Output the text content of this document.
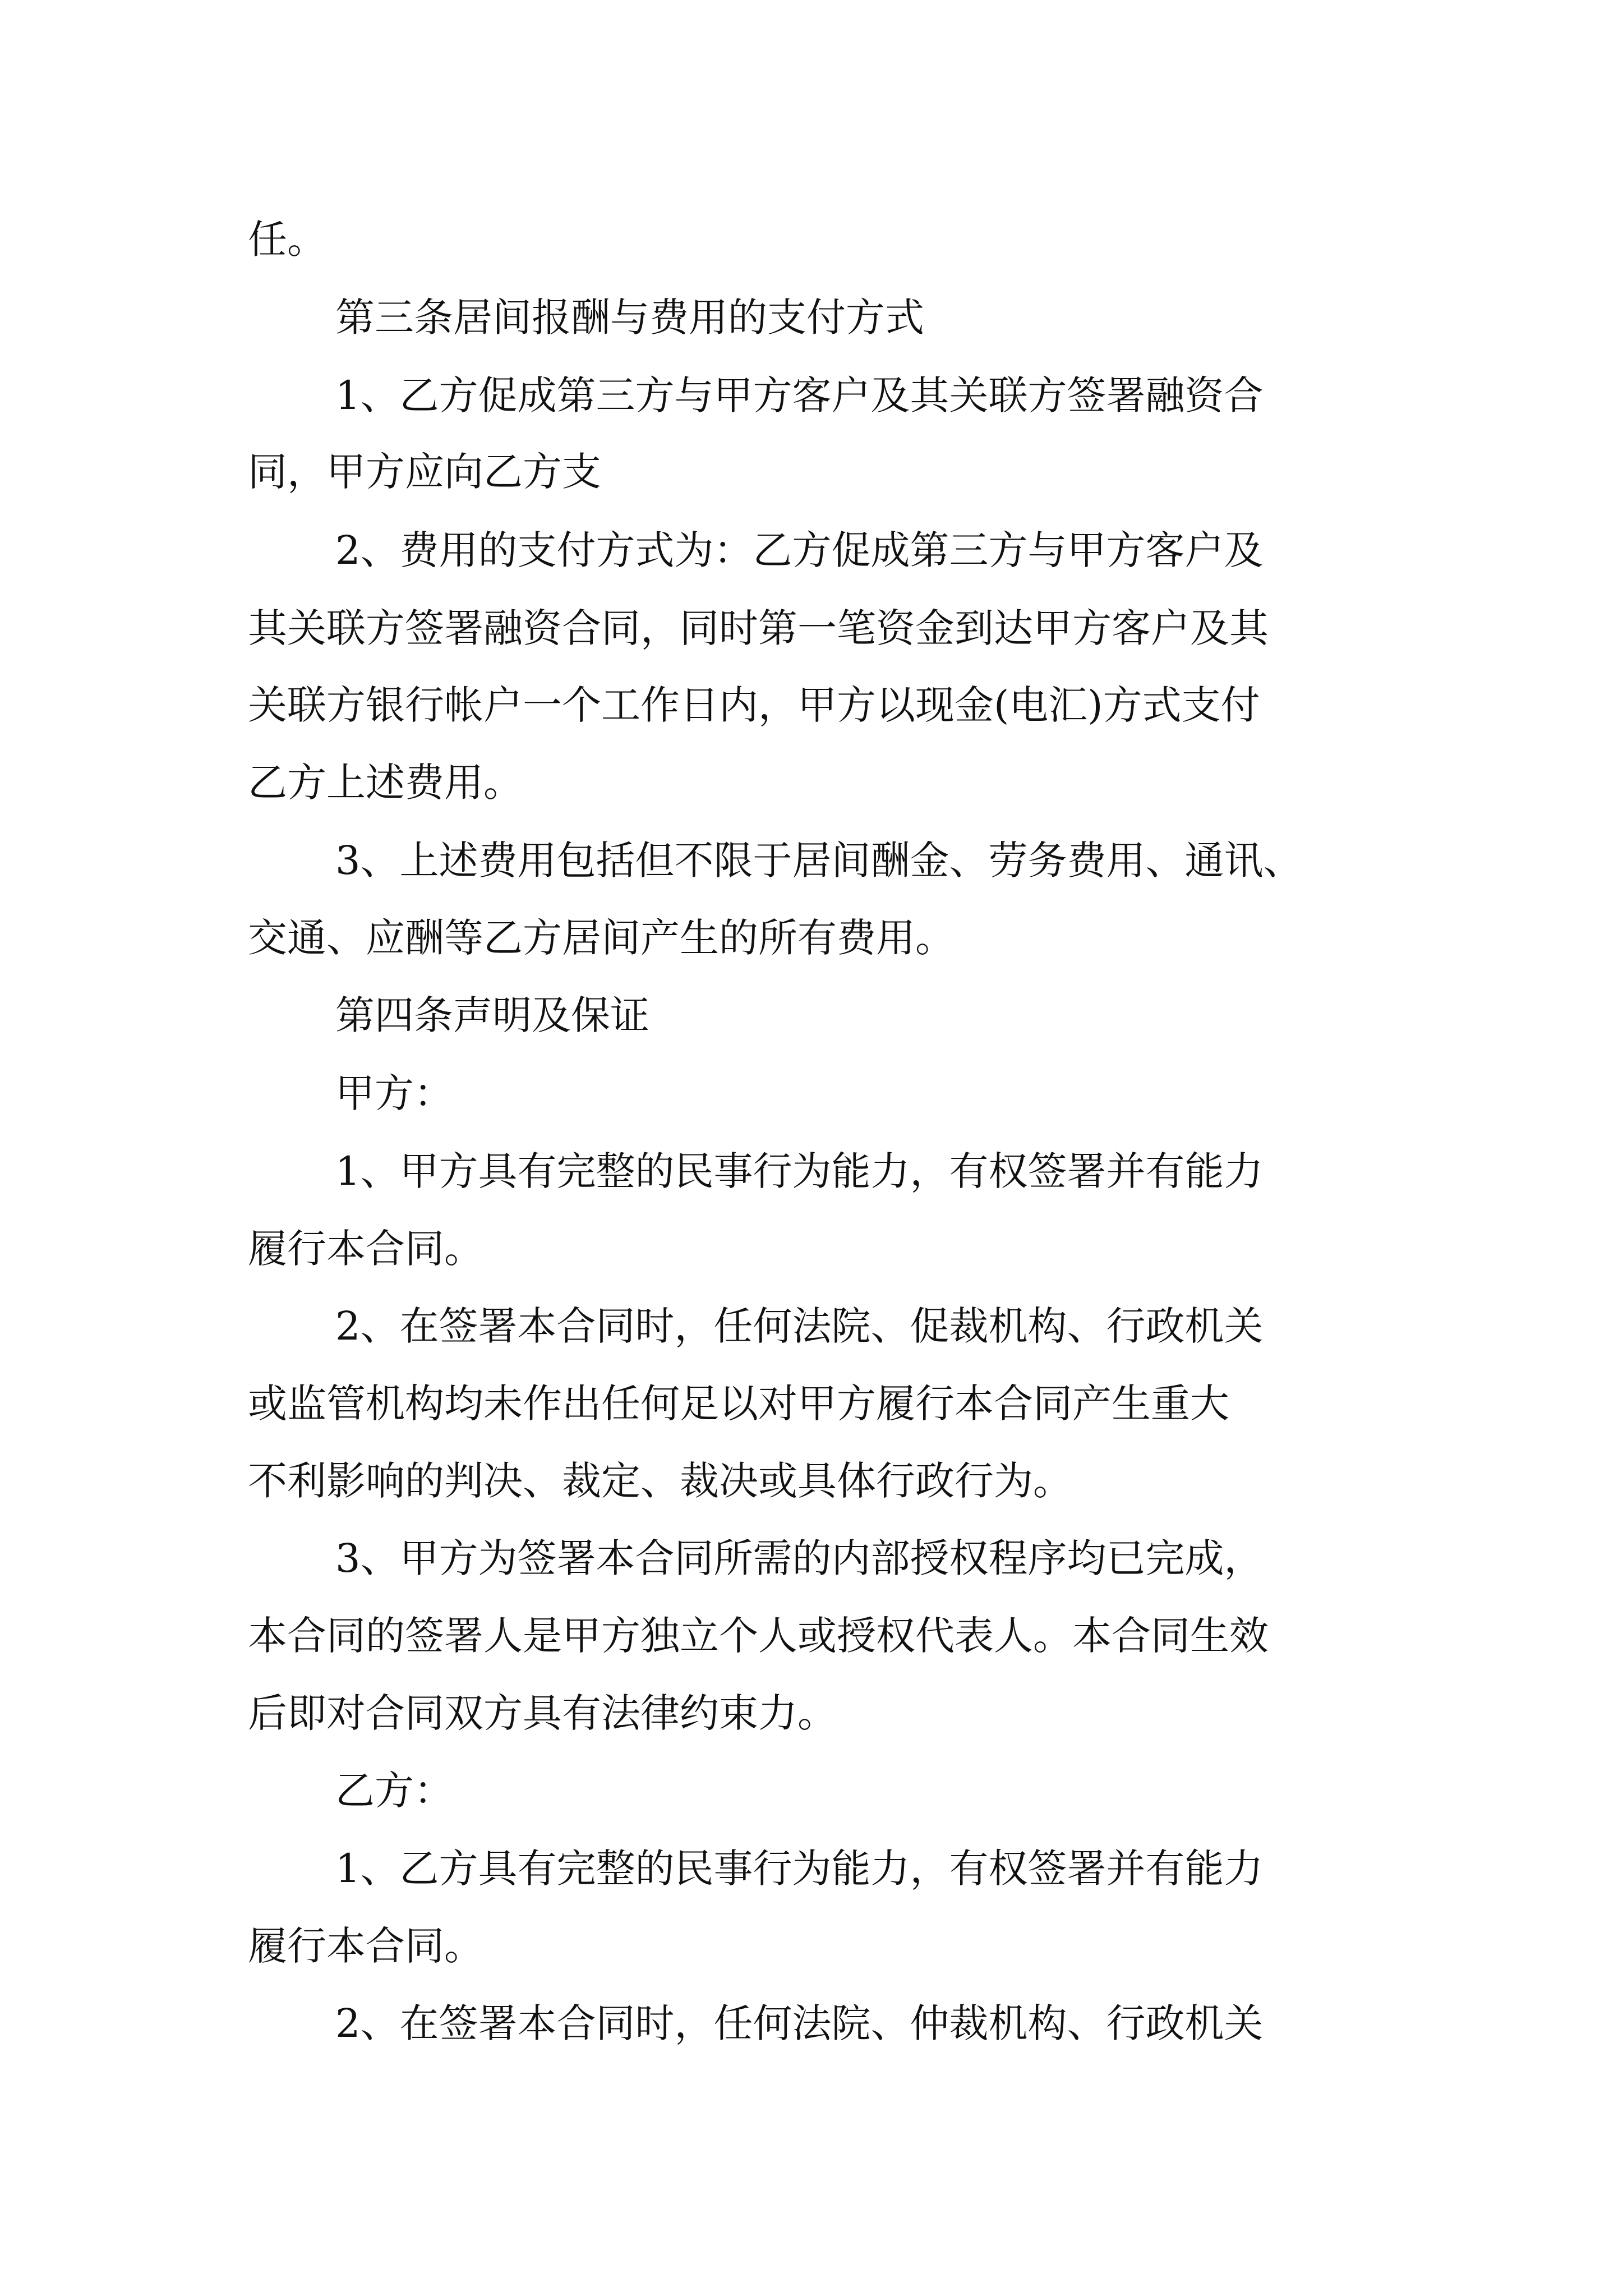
任。
第三条居间报酬与费用的支付方式
1、乙方促成第三方与甲方客户及其关联方签署融资合
同，甲方应向乙方支
2、费用的支付方式为：乙方促成第三方与甲方客户及
其关联方签署融资合同，同时第一笔资金到达甲方客户及其
关联方银行帐户一个工作日内，甲方以现金(电汇)方式支付
乙方上述费用。
3、上述费用包括但不限于居间酬金、劳务费用、通讯、
交通、应酬等乙方居间产生的所有费用。
第四条声明及保证
甲方：
1、甲方具有完整的民事行为能力，有权签署并有能力
履行本合同。
2、在签署本合同时，任何法院、促裁机构、行政机关
或监管机构均未作出任何足以对甲方履行本合同产生重大
不利影响的判决、裁定、裁决或具体行政行为。
3、甲方为签署本合同所需的内部授权程序均已完成，
本合同的签署人是甲方独立个人或授权代表人。本合同生效
后即对合同双方具有法律约束力。
乙方：
1、乙方具有完整的民事行为能力，有权签署并有能力
履行本合同。
2、在签署本合同时，任何法院、仲裁机构、行政机关
